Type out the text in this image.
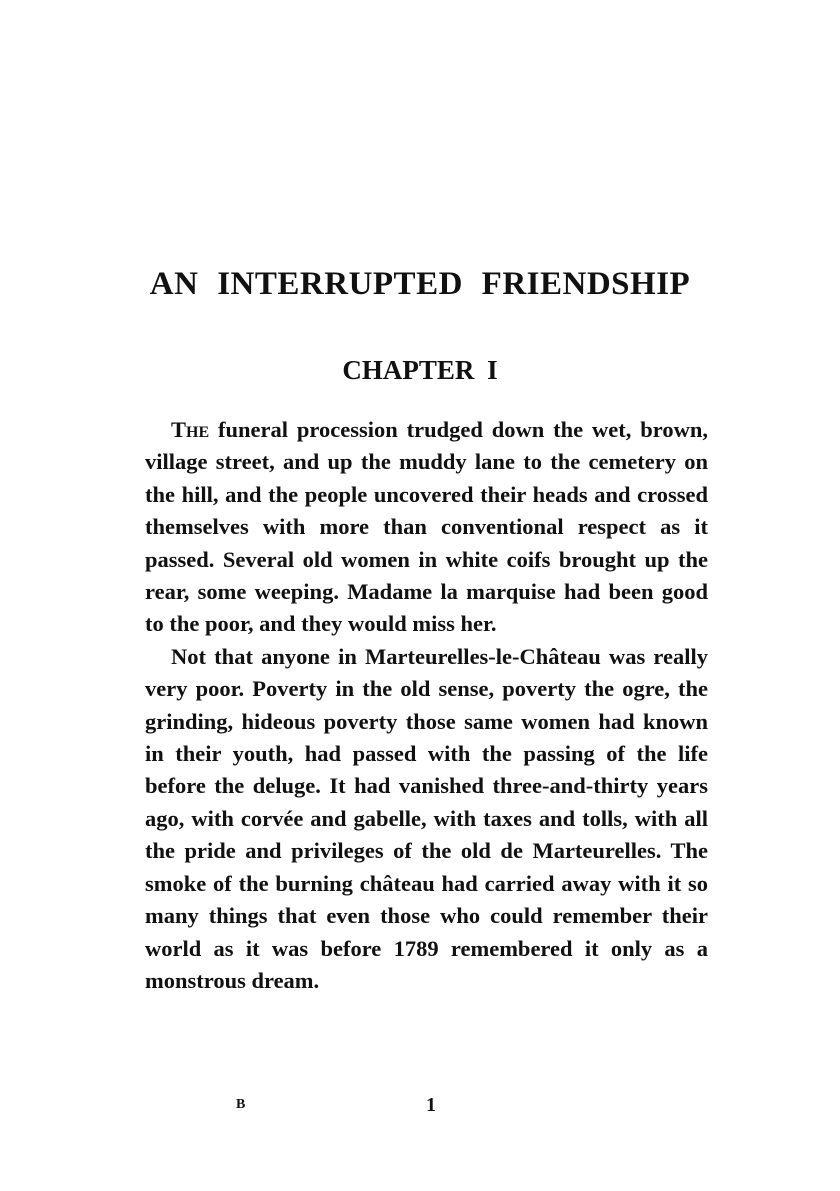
AN INTERRUPTED FRIENDSHIP
CHAPTER I

The funeral procession trudged down the wet, brown, village street, and up the muddy lane to the cemetery on the hill, and the people uncovered their heads and crossed themselves with more than conventional respect as it passed. Several old women in white coifs brought up the rear, some weeping. Madame la marquise had been good to the poor, and they would miss her.

Not that anyone in Marteurelles-le-Château was really very poor. Poverty in the old sense, poverty the ogre, the grinding, hideous poverty those same women had known in their youth, had passed with the passing of the life before the deluge. It had vanished three-and-thirty years ago, with corvée and gabelle, with taxes and tolls, with all the pride and privileges of the old de Marteurelles. The smoke of the burning château had carried away with it so many things that even those who could remember their world as it was before 1789 remembered it only as a monstrous dream.

B	1
